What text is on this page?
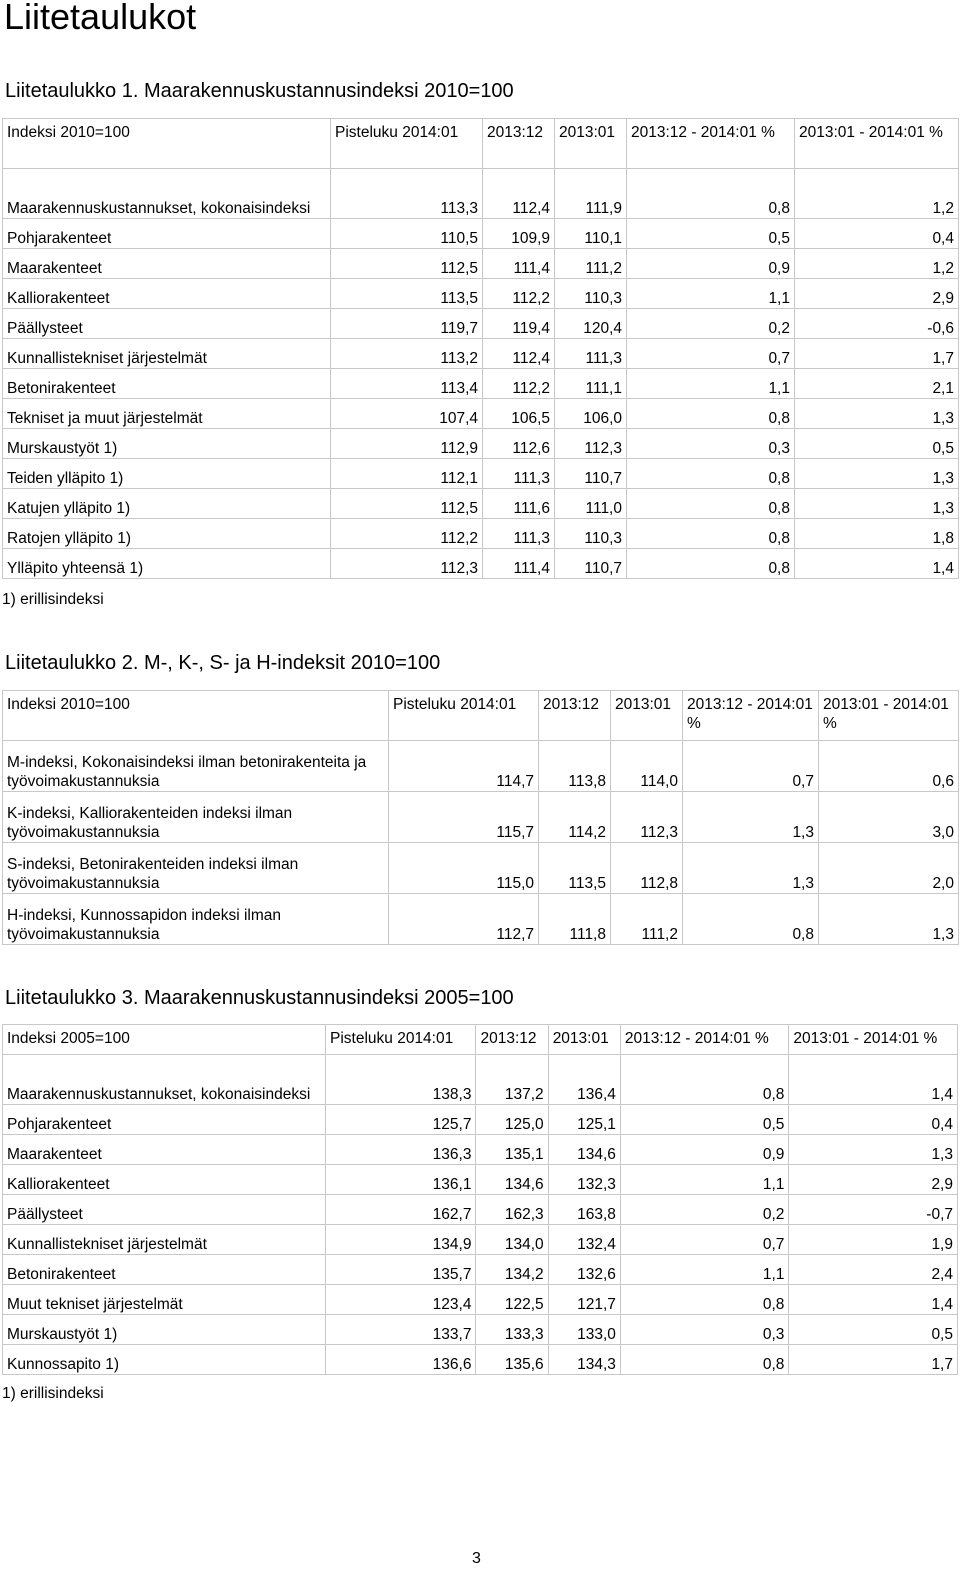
Liitetaulukot
Liitetaulukko 1. Maarakennuskustannusindeksi 2010=100
Indeksi 2010=100	Pisteluku 2014:01	2013:12	2013:01	2013:12 - 2014:01 %	2013:01 - 2014:01 %
Maarakennuskustannukset, kokonaisindeksi	113,3	112,4	111,9	0,8	1,2
Pohjarakenteet	110,5	109,9	110,1	0,5	0,4
Maarakenteet	112,5	111,4	111,2	0,9	1,2
Kalliorakenteet	113,5	112,2	110,3	1,1	2,9
Päällysteet	119,7	119,4	120,4	0,2	-0,6
Kunnallistekniset järjestelmät	113,2	112,4	111,3	0,7	1,7
Betonirakenteet	113,4	112,2	111,1	1,1	2,1
Tekniset ja muut järjestelmät	107,4	106,5	106,0	0,8	1,3
Murskaustyöt 1)	112,9	112,6	112,3	0,3	0,5
Teiden ylläpito 1)	112,1	111,3	110,7	0,8	1,3
Katujen ylläpito 1)	112,5	111,6	111,0	0,8	1,3
Ratojen ylläpito 1)	112,2	111,3	110,3	0,8	1,8
Ylläpito yhteensä 1)	112,3	111,4	110,7	0,8	1,4

1) erillisindeksi

Liitetaulukko 2. M-, K-, S- ja H-indeksit 2010=100
Indeksi 2010=100	Pisteluku 2014:01	2013:12	2013:01	2013:12 - 2014:01 %	2013:01 - 2014:01 %
M-indeksi, Kokonaisindeksi ilman betonirakenteita ja työvoimakustannuksia	114,7	113,8	114,0	0,7	0,6
K-indeksi, Kalliorakenteiden indeksi ilman työvoimakustannuksia	115,7	114,2	112,3	1,3	3,0
S-indeksi, Betonirakenteiden indeksi ilman työvoimakustannuksia	115,0	113,5	112,8	1,3	2,0
H-indeksi, Kunnossapidon indeksi ilman työvoimakustannuksia	112,7	111,8	111,2	0,8	1,3
Liitetaulukko 3. Maarakennuskustannusindeksi 2005=100
Indeksi 2005=100	Pisteluku 2014:01	2013:12	2013:01	2013:12 - 2014:01 %	2013:01 - 2014:01 %
Maarakennuskustannukset, kokonaisindeksi	138,3	137,2	136,4	0,8	1,4
Pohjarakenteet	125,7	125,0	125,1	0,5	0,4
Maarakenteet	136,3	135,1	134,6	0,9	1,3
Kalliorakenteet	136,1	134,6	132,3	1,1	2,9
Päällysteet	162,7	162,3	163,8	0,2	-0,7
Kunnallistekniset järjestelmät	134,9	134,0	132,4	0,7	1,9
Betonirakenteet	135,7	134,2	132,6	1,1	2,4
Muut tekniset järjestelmät	123,4	122,5	121,7	0,8	1,4
Murskaustyöt 1)	133,7	133,3	133,0	0,3	0,5
Kunnossapito 1)	136,6	135,6	134,3	0,8	1,7

1) erillisindeksi

3
